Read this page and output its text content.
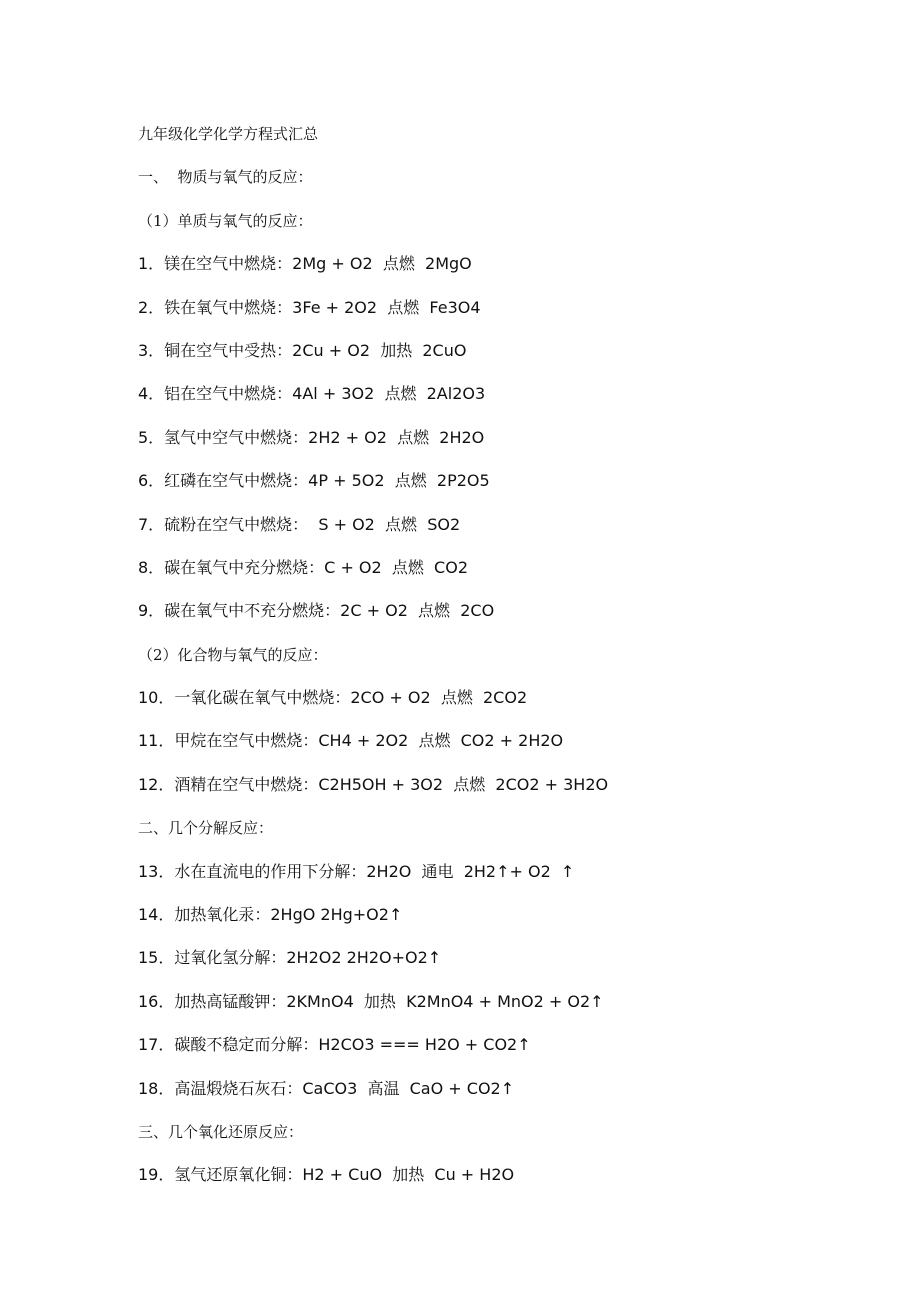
九年级化学化学方程式汇总
一、  物质与氧气的反应：
（1）单质与氧气的反应：
1．镁在空气中燃烧：2Mg + O2  点燃  2MgO
2．铁在氧气中燃烧：3Fe + 2O2  点燃  Fe3O4
3．铜在空气中受热：2Cu + O2  加热  2CuO
4．铝在空气中燃烧：4Al + 3O2  点燃  2Al2O3
5．氢气中空气中燃烧：2H2 + O2  点燃  2H2O
6．红磷在空气中燃烧：4P + 5O2  点燃  2P2O5
7．硫粉在空气中燃烧：  S + O2  点燃  SO2
8．碳在氧气中充分燃烧：C + O2  点燃  CO2
9．碳在氧气中不充分燃烧：2C + O2  点燃  2CO
（2）化合物与氧气的反应：
10．一氧化碳在氧气中燃烧：2CO + O2  点燃  2CO2
11．甲烷在空气中燃烧：CH4 + 2O2  点燃  CO2 + 2H2O
12．酒精在空气中燃烧：C2H5OH + 3O2  点燃  2CO2 + 3H2O
二、几个分解反应：
13．水在直流电的作用下分解：2H2O  通电  2H2↑+ O2  ↑
14．加热氧化汞：2HgO 2Hg+O2↑
15．过氧化氢分解：2H2O2 2H2O+O2↑
16．加热高锰酸钾：2KMnO4  加热  K2MnO4 + MnO2 + O2↑
17．碳酸不稳定而分解：H2CO3 === H2O + CO2↑
18．高温煅烧石灰石：CaCO3  高温  CaO + CO2↑
三、几个氧化还原反应：
19．氢气还原氧化铜：H2 + CuO  加热  Cu + H2O
